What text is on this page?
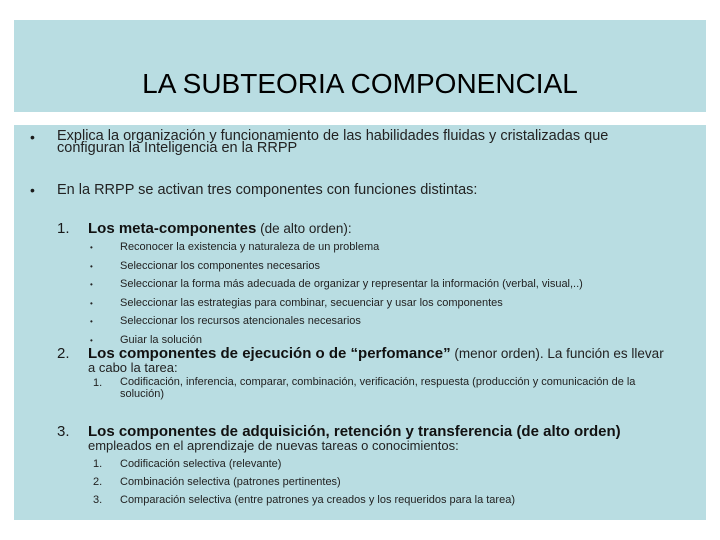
LA SUBTEORIA COMPONENCIAL
• Explica la organización y funcionamiento de las habilidades fluidas y cristalizadas que
configuran la Inteligencia en la RRPP
• En la RRPP se activan tres componentes con funciones distintas:
1. Los meta-componentes (de alto orden):
• Reconocer la existencia y naturaleza de un problema
• Seleccionar los componentes necesarios
• Seleccionar la forma más adecuada de organizar y representar la información (verbal, visual,..)
• Seleccionar las estrategias para combinar, secuenciar y usar los componentes
• Seleccionar los recursos atencionales necesarios
• Guiar la solución
2. Los componentes de ejecución o de “perfomance” (menor orden). La función es llevar
a cabo la tarea:
1. Codificación, inferencia, comparar, combinación, verificación, respuesta (producción y comunicación de la
solución)
3. Los componentes de adquisición, retención y transferencia (de alto orden)
empleados en el aprendizaje de nuevas tareas o conocimientos:
1. Codificación selectiva (relevante)
2. Combinación selectiva (patrones pertinentes)
3. Comparación selectiva (entre patrones ya creados y los requeridos para la tarea)
